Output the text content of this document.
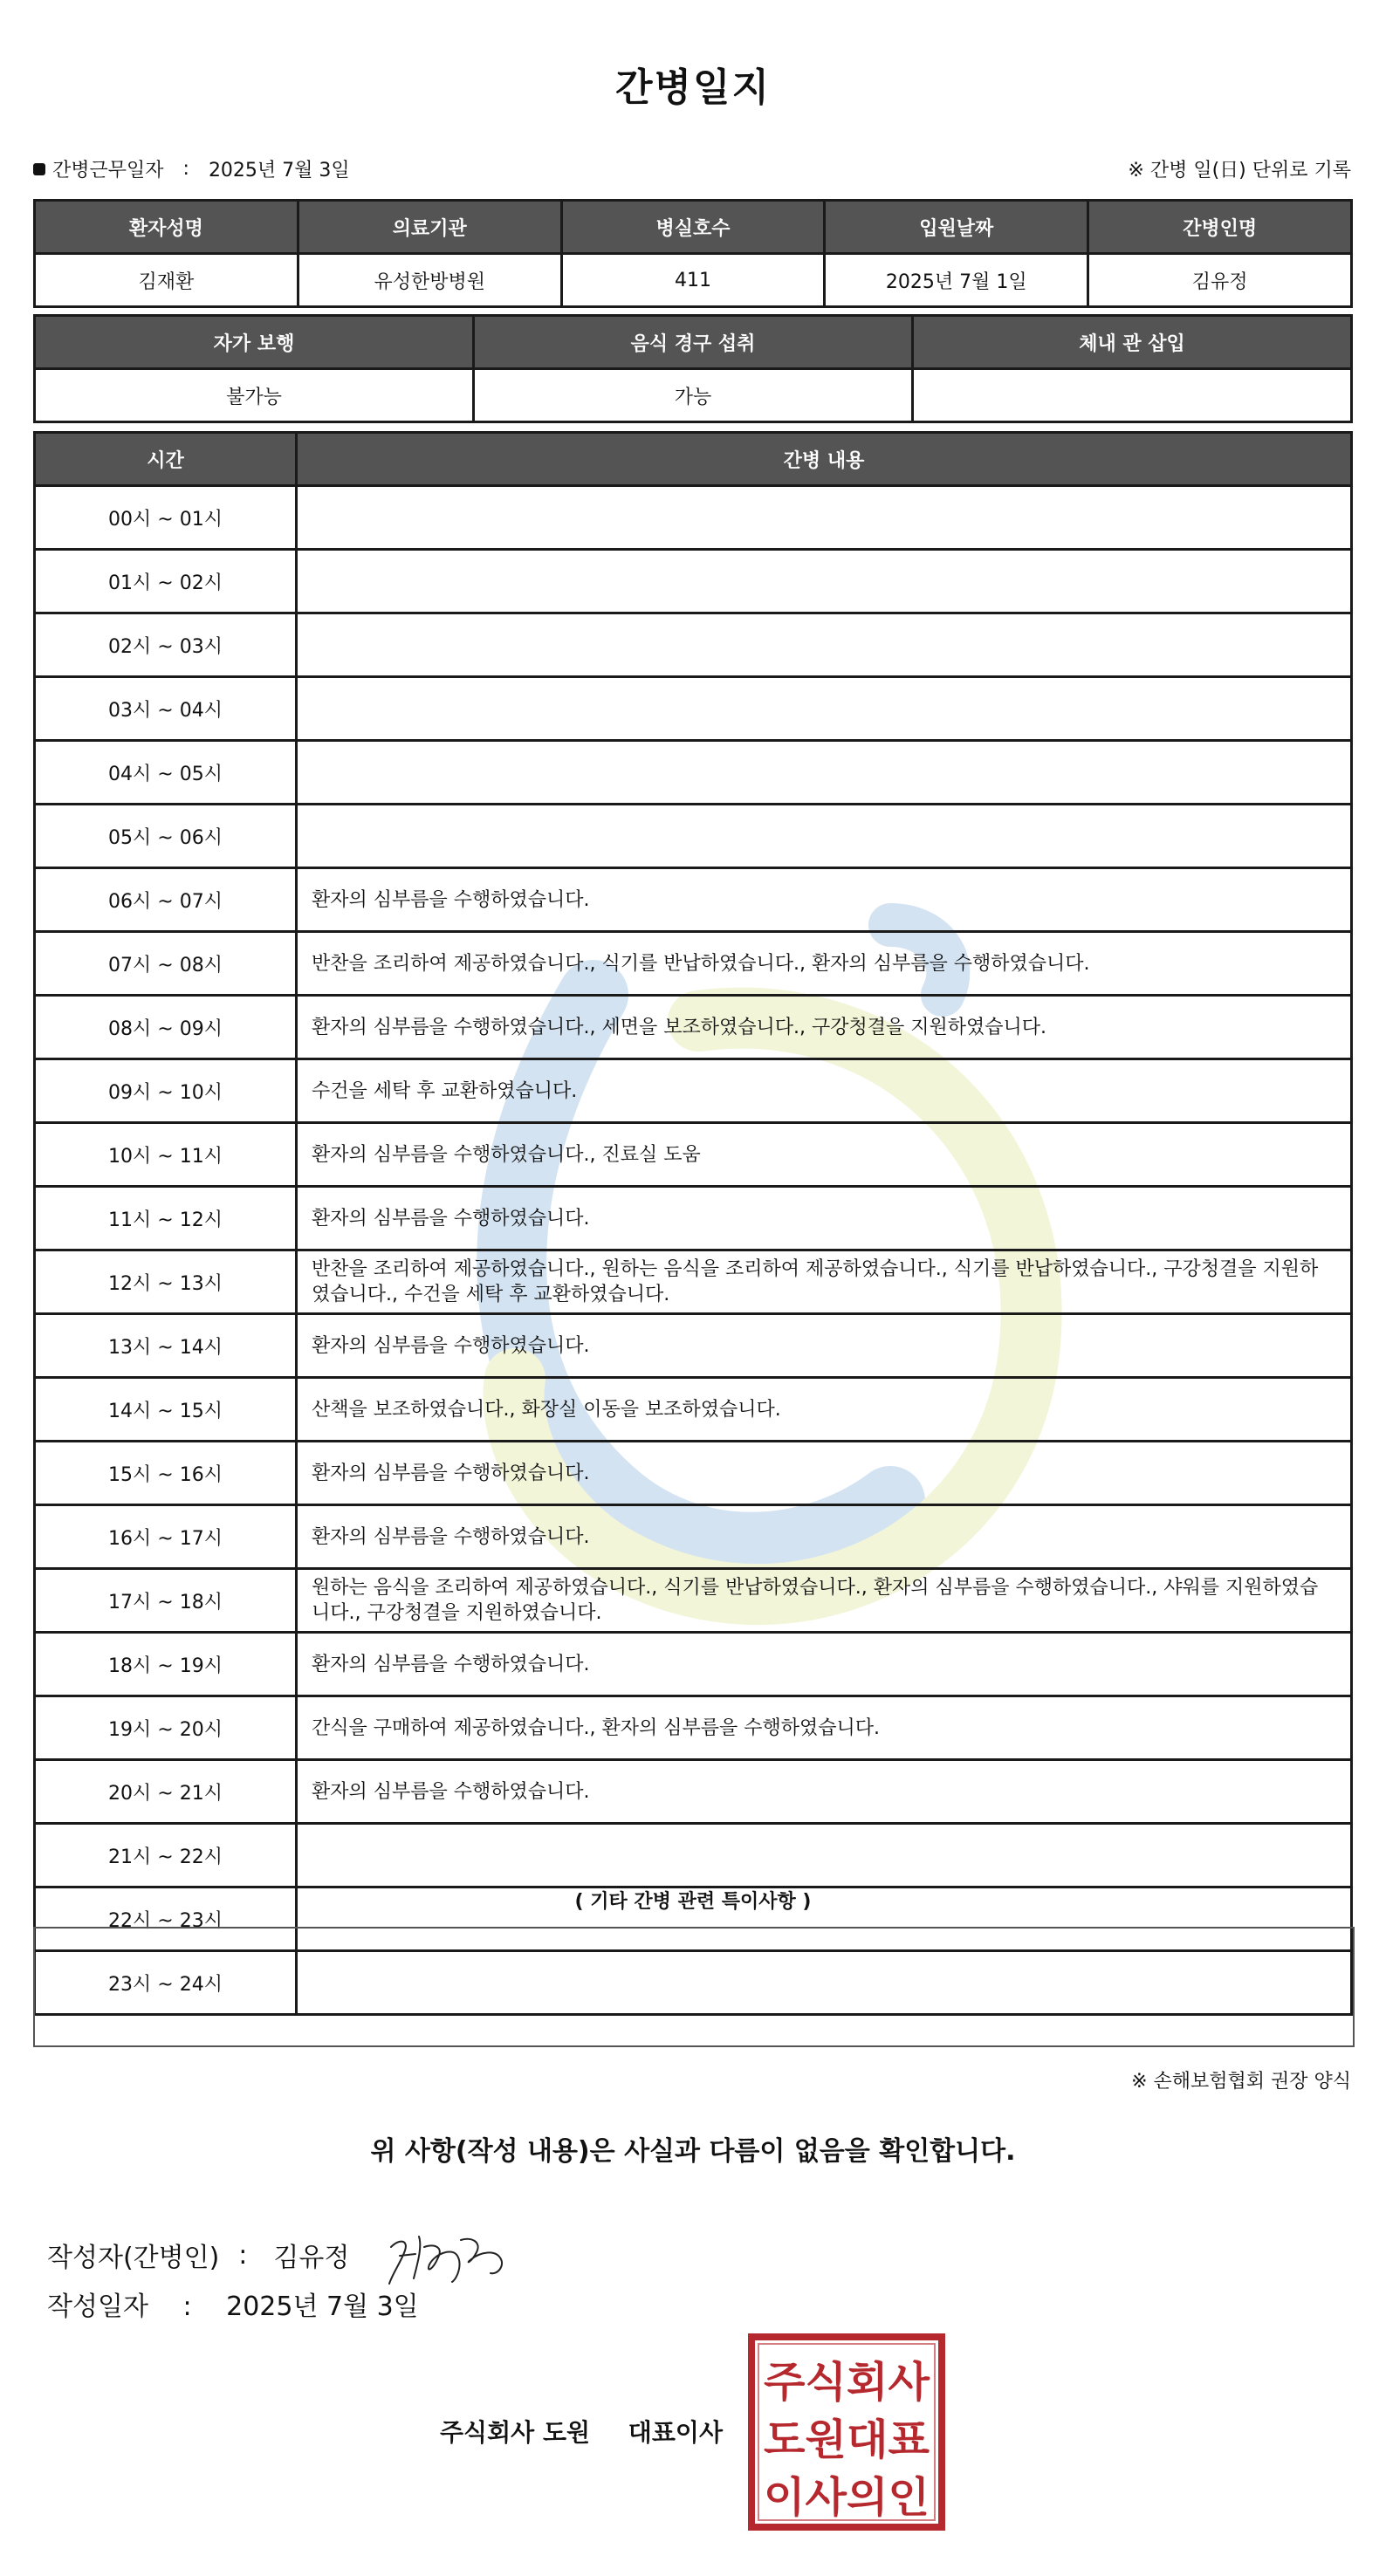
간병일지
간병근무일자 : 2025년 7월 3일	※ 간병 일(日) 단위로 기록
환자성명	의료기관	병실호수	입원날짜	간병인명
김재환	유성한방병원	411	2025년 7월 1일	김유정
자가 보행	음식 경구 섭취	체내 관 삽입
불가능	가능	
시간	간병 내용
00시 ~ 01시	
01시 ~ 02시	
02시 ~ 03시	
03시 ~ 04시	
04시 ~ 05시	
05시 ~ 06시	
06시 ~ 07시	환자의 심부름을 수행하였습니다.
07시 ~ 08시	반찬을 조리하여 제공하였습니다., 식기를 반납하였습니다., 환자의 심부름을 수행하였습니다.
08시 ~ 09시	환자의 심부름을 수행하였습니다., 세면을 보조하였습니다., 구강청결을 지원하였습니다.
09시 ~ 10시	수건을 세탁 후 교환하였습니다.
10시 ~ 11시	환자의 심부름을 수행하였습니다., 진료실 도움
11시 ~ 12시	환자의 심부름을 수행하였습니다.
12시 ~ 13시	반찬을 조리하여 제공하였습니다., 원하는 음식을 조리하여 제공하였습니다., 식기를 반납하였습니다., 구강청결을 지원하였습니다., 수건을 세탁 후 교환하였습니다.
13시 ~ 14시	환자의 심부름을 수행하였습니다.
14시 ~ 15시	산책을 보조하였습니다., 화장실 이동을 보조하였습니다.
15시 ~ 16시	환자의 심부름을 수행하였습니다.
16시 ~ 17시	환자의 심부름을 수행하였습니다.
17시 ~ 18시	원하는 음식을 조리하여 제공하였습니다., 식기를 반납하였습니다., 환자의 심부름을 수행하였습니다., 샤워를 지원하였습니다., 구강청결을 지원하였습니다.
18시 ~ 19시	환자의 심부름을 수행하였습니다.
19시 ~ 20시	간식을 구매하여 제공하였습니다., 환자의 심부름을 수행하였습니다.
20시 ~ 21시	환자의 심부름을 수행하였습니다.
21시 ~ 22시	
22시 ~ 23시	
23시 ~ 24시	
( 기타 간병 관련 특이사항 )
※ 손해보험협회 권장 양식
위 사항(작성 내용)은 사실과 다름이 없음을 확인합니다.
작성자(간병인) : 김유정
작성일자 : 2025년 7월 3일
주식회사 도원 대표이사
주식회사
도원대표
이사의인
